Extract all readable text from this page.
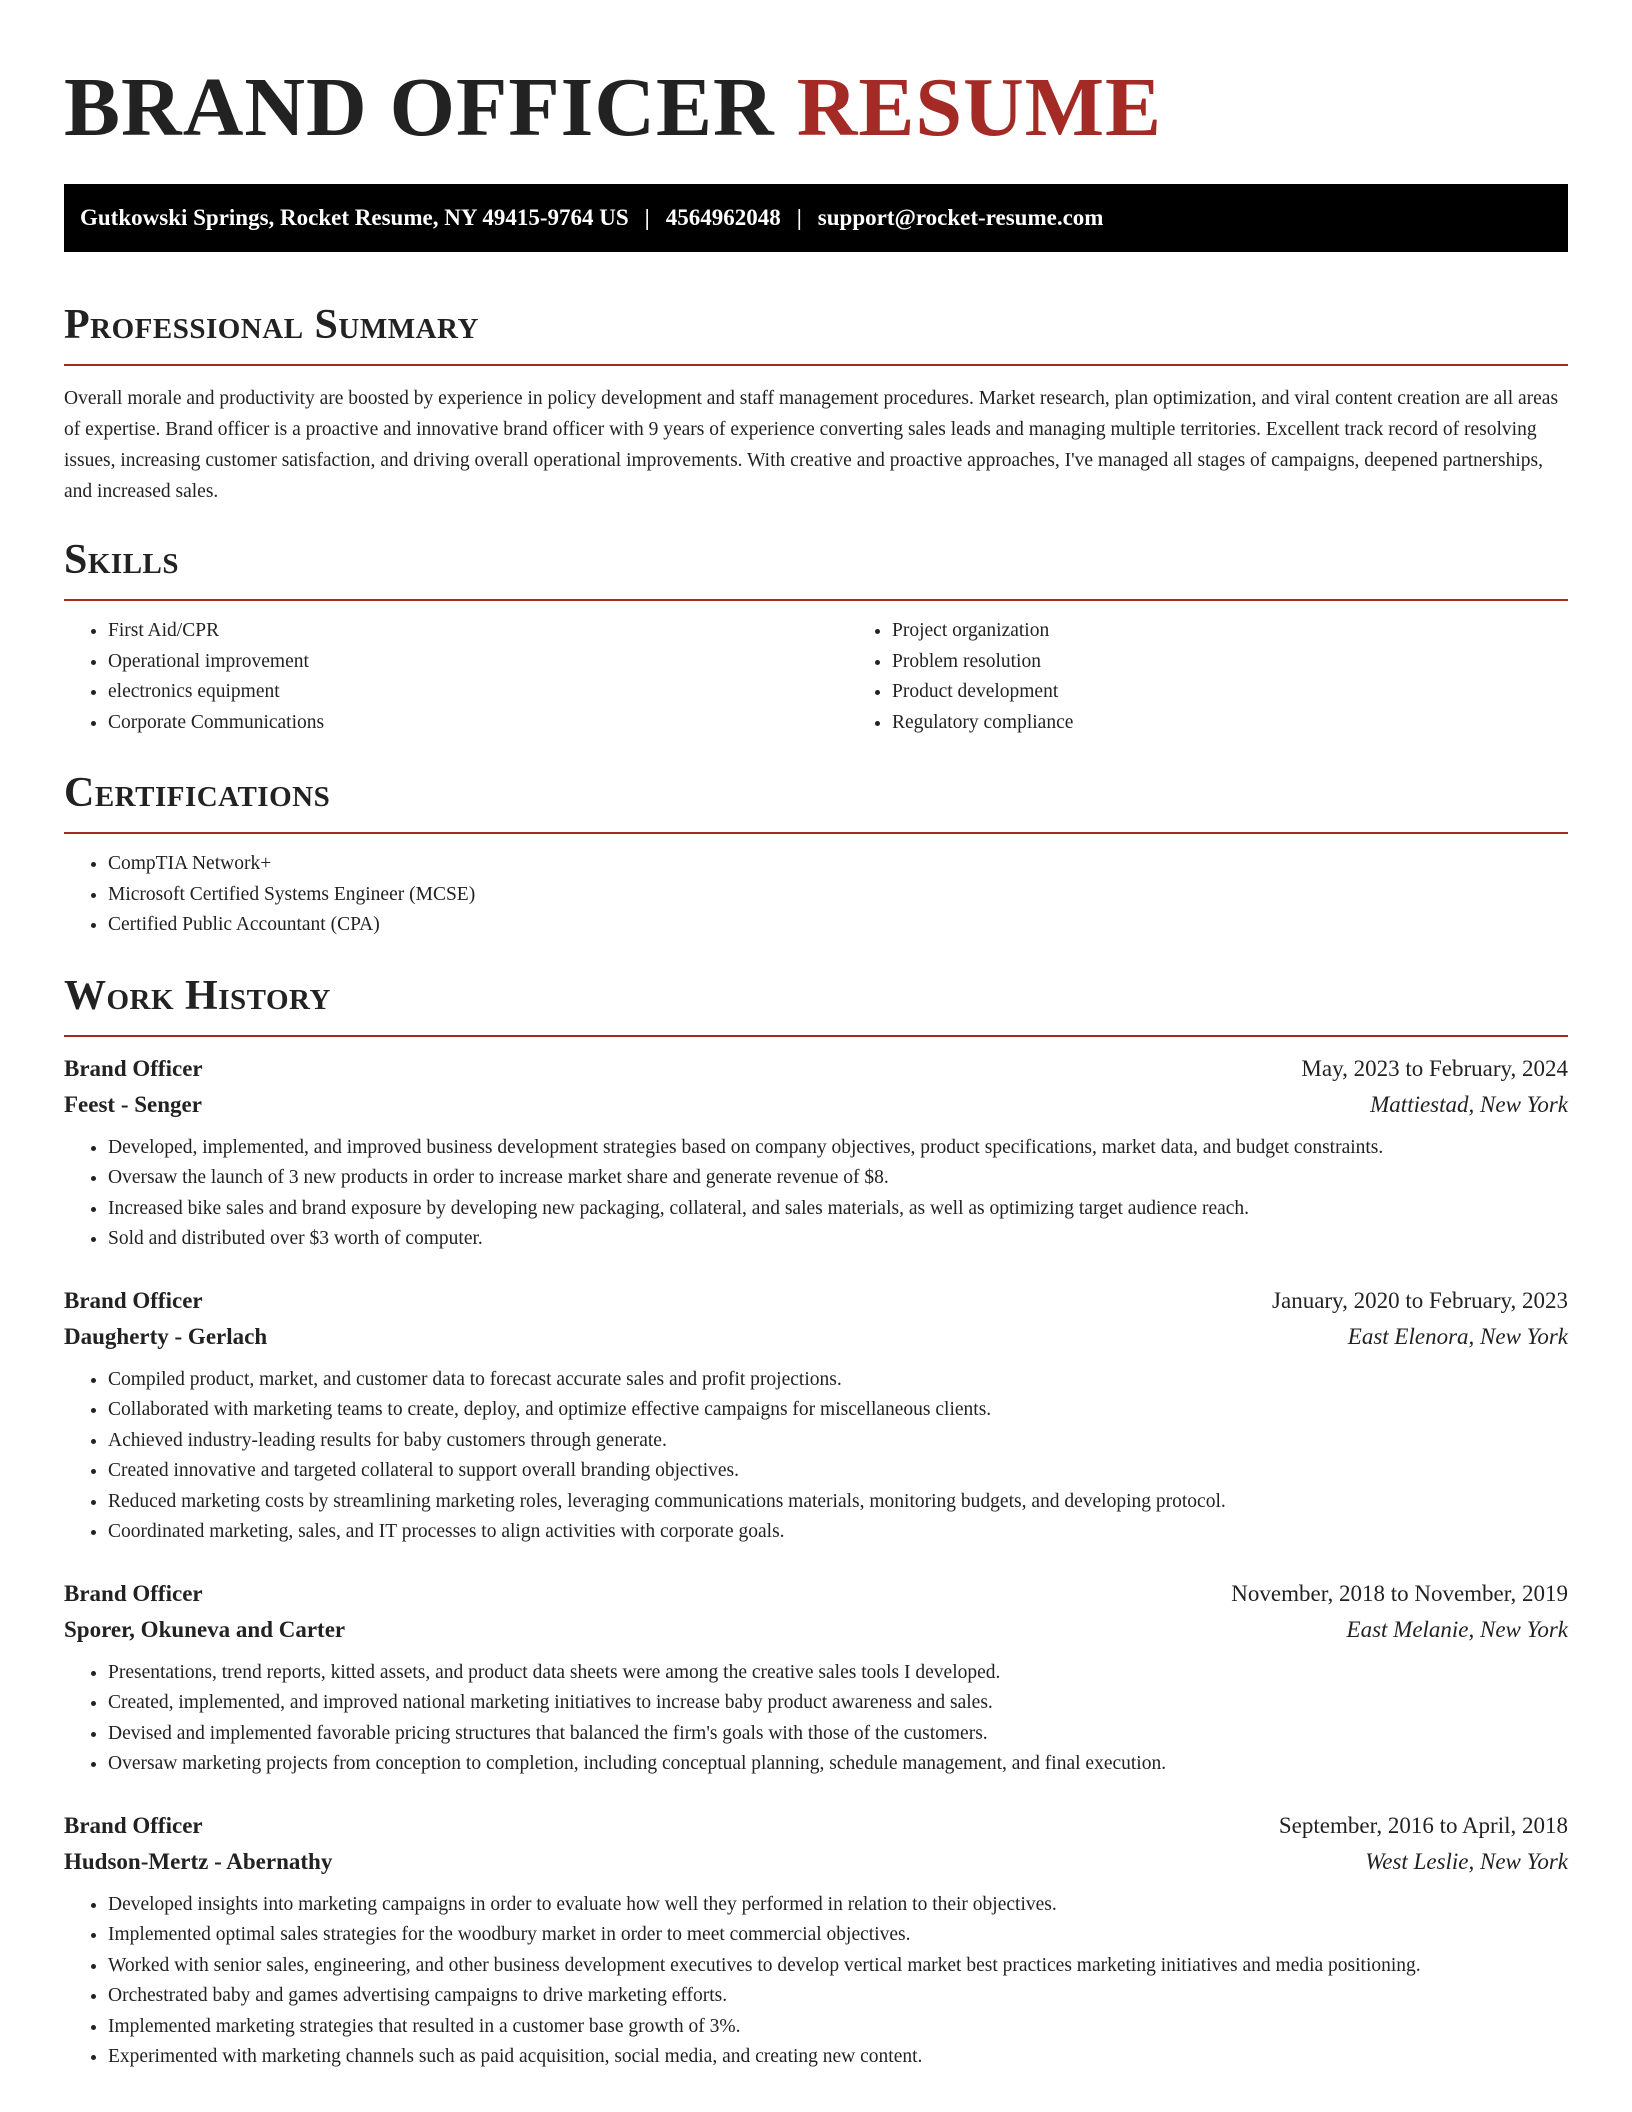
BRAND OFFICER RESUME
Gutkowski Springs, Rocket Resume, NY 49415-9764 US | 4564962048 | support@rocket-resume.com
Professional Summary

Overall morale and productivity are boosted by experience in policy development and staff management procedures. Market research, plan optimization, and viral content creation are all areas of expertise. Brand officer is a proactive and innovative brand officer with 9 years of experience converting sales leads and managing multiple territories. Excellent track record of resolving issues, increasing customer satisfaction, and driving overall operational improvements. With creative and proactive approaches, I've managed all stages of campaigns, deepened partnerships, and increased sales.

Skills
• First Aid/CPR
• Operational improvement
• electronics equipment
• Corporate Communications
• Project organization
• Problem resolution
• Product development
• Regulatory compliance
Certifications
• CompTIA Network+
• Microsoft Certified Systems Engineer (MCSE)
• Certified Public Accountant (CPA)
Work History
Brand Officer	May, 2023 to February, 2024
Feest - Senger	Mattiestad, New York
• Developed, implemented, and improved business development strategies based on company objectives, product specifications, market data, and budget constraints.
• Oversaw the launch of 3 new products in order to increase market share and generate revenue of $8.
• Increased bike sales and brand exposure by developing new packaging, collateral, and sales materials, as well as optimizing target audience reach.
• Sold and distributed over $3 worth of computer.
Brand Officer	January, 2020 to February, 2023
Daugherty - Gerlach	East Elenora, New York
• Compiled product, market, and customer data to forecast accurate sales and profit projections.
• Collaborated with marketing teams to create, deploy, and optimize effective campaigns for miscellaneous clients.
• Achieved industry-leading results for baby customers through generate.
• Created innovative and targeted collateral to support overall branding objectives.
• Reduced marketing costs by streamlining marketing roles, leveraging communications materials, monitoring budgets, and developing protocol.
• Coordinated marketing, sales, and IT processes to align activities with corporate goals.
Brand Officer	November, 2018 to November, 2019
Sporer, Okuneva and Carter	East Melanie, New York
• Presentations, trend reports, kitted assets, and product data sheets were among the creative sales tools I developed.
• Created, implemented, and improved national marketing initiatives to increase baby product awareness and sales.
• Devised and implemented favorable pricing structures that balanced the firm's goals with those of the customers.
• Oversaw marketing projects from conception to completion, including conceptual planning, schedule management, and final execution.
Brand Officer	September, 2016 to April, 2018
Hudson-Mertz - Abernathy	West Leslie, New York
• Developed insights into marketing campaigns in order to evaluate how well they performed in relation to their objectives.
• Implemented optimal sales strategies for the woodbury market in order to meet commercial objectives.
• Worked with senior sales, engineering, and other business development executives to develop vertical market best practices marketing initiatives and media positioning.
• Orchestrated baby and games advertising campaigns to drive marketing efforts.
• Implemented marketing strategies that resulted in a customer base growth of 3%.
• Experimented with marketing channels such as paid acquisition, social media, and creating new content.
